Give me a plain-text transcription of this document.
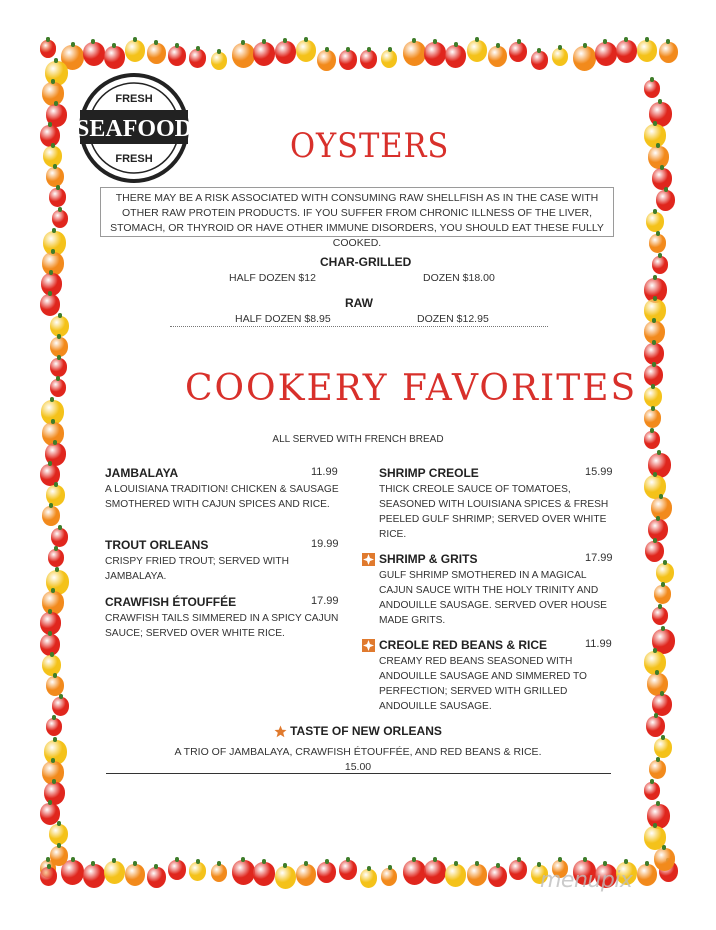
FRESH
SEAFOOD
FRESH	OYSTERS
THERE MAY BE A RISK ASSOCIATED WITH CONSUMING RAW SHELLFISH AS IN THE CASE WITH OTHER RAW PROTEIN PRODUCTS. IF YOU SUFFER FROM CHRONIC ILLNESS OF THE LIVER, STOMACH, OR THYROID OR HAVE OTHER IMMUNE DISORDERS, YOU SHOULD EAT THESE FULLY COOKED.
CHAR-GRILLED
HALF DOZEN $12	DOZEN $18.00
RAW
HALF DOZEN $8.95	DOZEN $12.95
COOKERY FAVORITES
ALL SERVED WITH FRENCH BREAD
JAMBALAYA	11.99
A LOUISIANA TRADITION! CHICKEN & SAUSAGE SMOTHERED WITH CAJUN SPICES AND RICE.
TROUT ORLEANS	19.99
CRISPY FRIED TROUT; SERVED WITH JAMBALAYA.
CRAWFISH ÉTOUFFÉE	17.99
CRAWFISH TAILS SIMMERED IN A SPICY CAJUN SAUCE; SERVED OVER WHITE RICE.
SHRIMP CREOLE	15.99
THICK CREOLE SAUCE OF TOMATOES, SEASONED WITH LOUISIANA SPICES & FRESH PEELED GULF SHRIMP; SERVED OVER WHITE RICE.
SHRIMP & GRITS	17.99
GULF SHRIMP SMOTHERED IN A MAGICAL CAJUN SAUCE WITH THE HOLY TRINITY AND ANDOUILLE SAUSAGE. SERVED OVER HOUSE MADE GRITS.
CREOLE RED BEANS & RICE	11.99
CREAMY RED BEANS SEASONED WITH ANDOUILLE SAUSAGE AND SIMMERED TO PERFECTION; SERVED WITH GRILLED ANDOUILLE SAUSAGE.
TASTE OF NEW ORLEANS
A TRIO OF JAMBALAYA, CRAWFISH ÉTOUFFÉE, AND RED BEANS & RICE.
15.00
menupix
